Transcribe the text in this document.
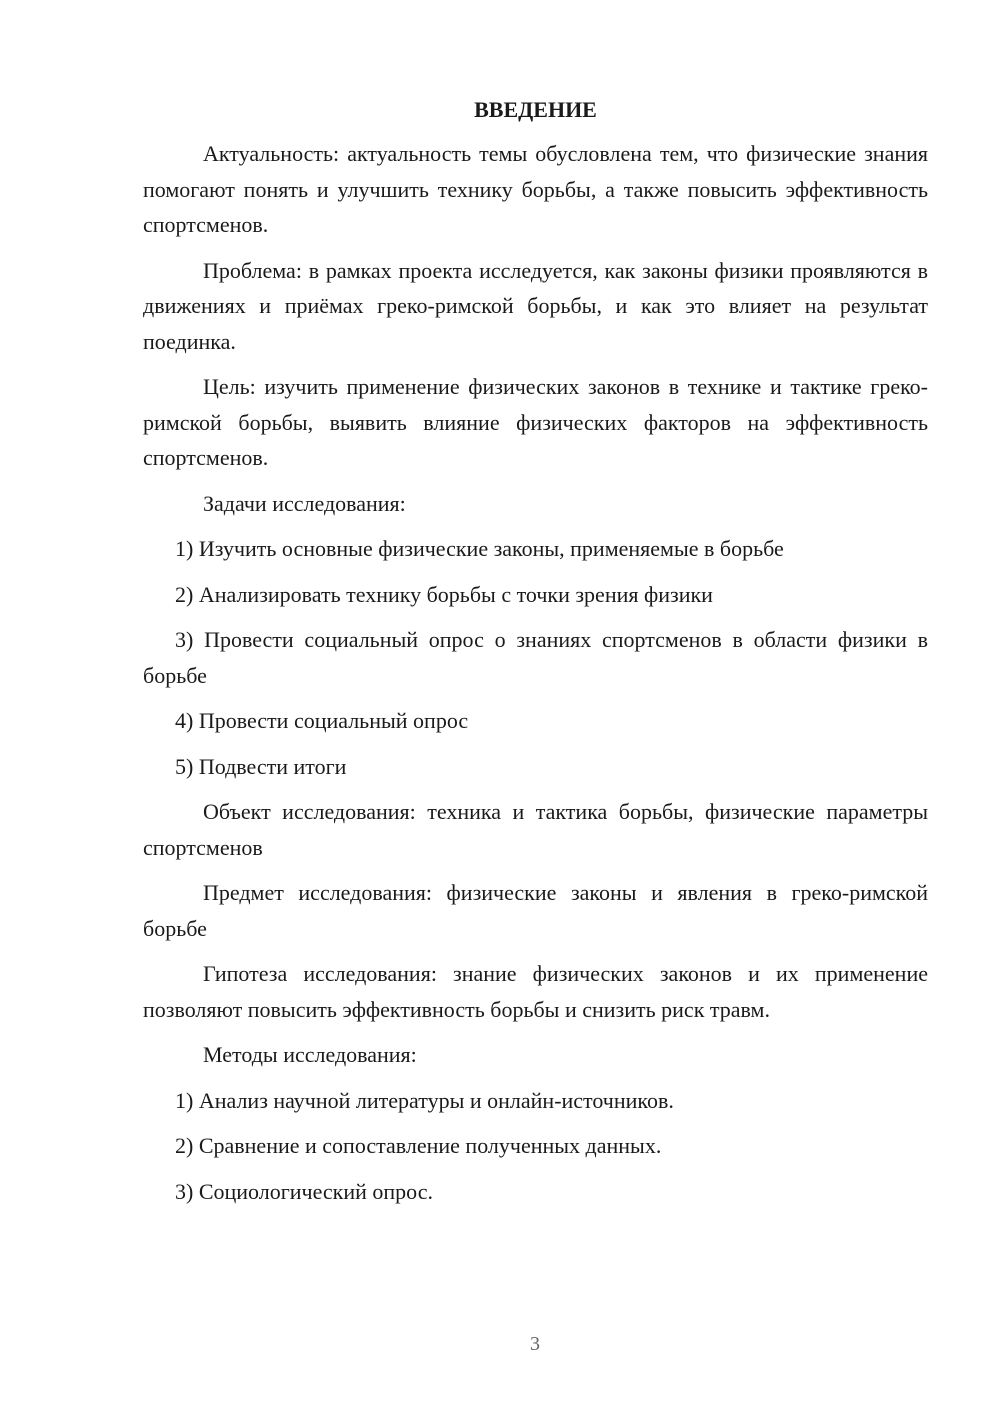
ВВЕДЕНИЕ
Актуальность: актуальность темы обусловлена тем, что физические знания помогают понять и улучшить технику борьбы, а также повысить эффективность спортсменов.
Проблема: в рамках проекта исследуется, как законы физики проявляются в движениях и приёмах греко-римской борьбы, и как это влияет на результат поединка.
Цель: изучить применение физических законов в технике и тактике греко-римской борьбы, выявить влияние физических факторов на эффективность спортсменов.
Задачи исследования:
1) Изучить основные физические законы, применяемые в борьбе
2) Анализировать технику борьбы с точки зрения физики
3) Провести социальный опрос о знаниях спортсменов в области физики в борьбе
4) Провести социальный опрос
5) Подвести итоги
Объект исследования: техника и тактика борьбы, физические параметры спортсменов
Предмет исследования: физические законы и явления в греко-римской борьбе
Гипотеза исследования: знание физических законов и их применение позволяют повысить эффективность борьбы и снизить риск травм.
Методы исследования:
1) Анализ научной литературы и онлайн-источников.
2) Сравнение и сопоставление полученных данных.
3) Социологический опрос.
3
